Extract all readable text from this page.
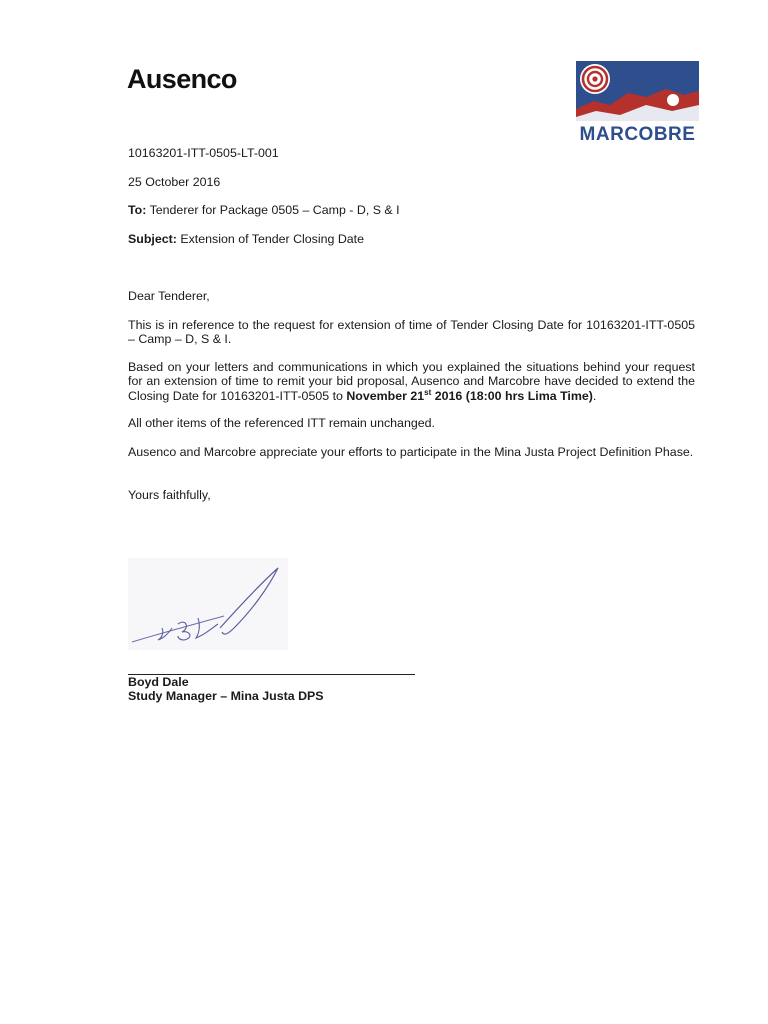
Ausenco
MARCOBRE
10163201-ITT-0505-LT-001
25 October 2016
To: Tenderer for Package 0505 – Camp - D, S & I
Subject: Extension of Tender Closing Date
Dear Tenderer,
This is in reference to the request for extension of time of Tender Closing Date for 10163201-ITT-0505 – Camp – D, S & I.
Based on your letters and communications in which you explained the situations behind your request for an extension of time to remit your bid proposal, Ausenco and Marcobre have decided to extend the Closing Date for 10163201-ITT-0505 to November 21st 2016 (18:00 hrs Lima Time).
All other items of the referenced ITT remain unchanged.
Ausenco and Marcobre appreciate your efforts to participate in the Mina Justa Project Definition Phase.
Yours faithfully,
Boyd Dale
Study Manager – Mina Justa DPS
